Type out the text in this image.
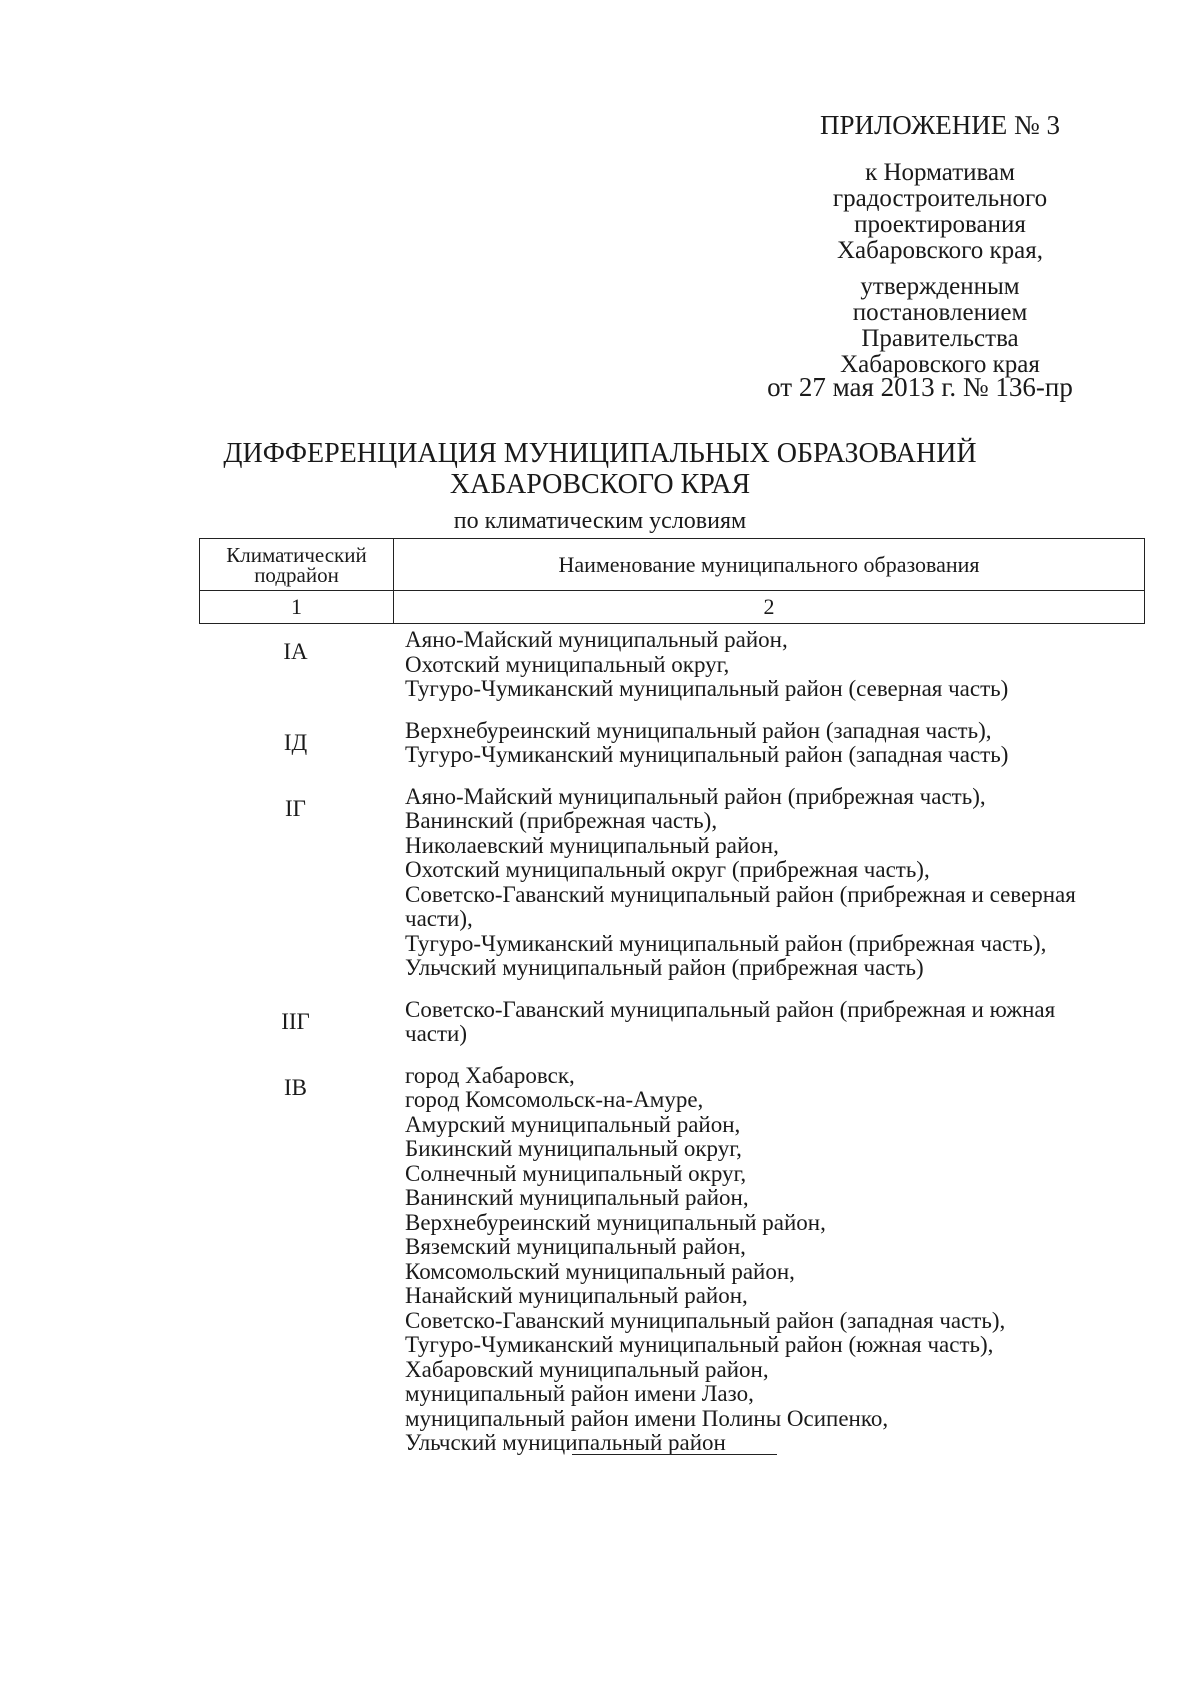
ПРИЛОЖЕНИЕ № 3
к Нормативам
градостроительного
проектирования
Хабаровского края,
утвержденным
постановлением
Правительства
Хабаровского края
от 27 мая 2013 г. № 136-пр
ДИФФЕРЕНЦИАЦИЯ МУНИЦИПАЛЬНЫХ ОБРАЗОВАНИЙ
ХАБАРОВСКОГО КРАЯ
по климатическим условиям
Климатический
подрайон	Наименование муниципального образования
1	2
IА	Аяно-Майский муниципальный район,
Охотский муниципальный округ,
Тугуро-Чумиканский муниципальный район (северная часть)
IД	Верхнебуреинский муниципальный район (западная часть),
Тугуро-Чумиканский муниципальный район (западная часть)
IГ	Аяно-Майский муниципальный район (прибрежная часть),
Ванинский (прибрежная часть),
Николаевский муниципальный район,
Охотский муниципальный округ (прибрежная часть),
Советско-Гаванский муниципальный район (прибрежная и северная
части),
Тугуро-Чумиканский муниципальный район (прибрежная часть),
Ульчский муниципальный район (прибрежная часть)
IIГ	Советско-Гаванский муниципальный район (прибрежная и южная
части)
IВ	город Хабаровск,
город Комсомольск-на-Амуре,
Амурский муниципальный район,
Бикинский муниципальный округ,
Солнечный муниципальный округ,
Ванинский муниципальный район,
Верхнебуреинский муниципальный район,
Вяземский муниципальный район,
Комсомольский муниципальный район,
Нанайский муниципальный район,
Советско-Гаванский муниципальный район (западная часть),
Тугуро-Чумиканский муниципальный район (южная часть),
Хабаровский муниципальный район,
муниципальный район имени Лазо,
муниципальный район имени Полины Осипенко,
Ульчский муниципальный район
